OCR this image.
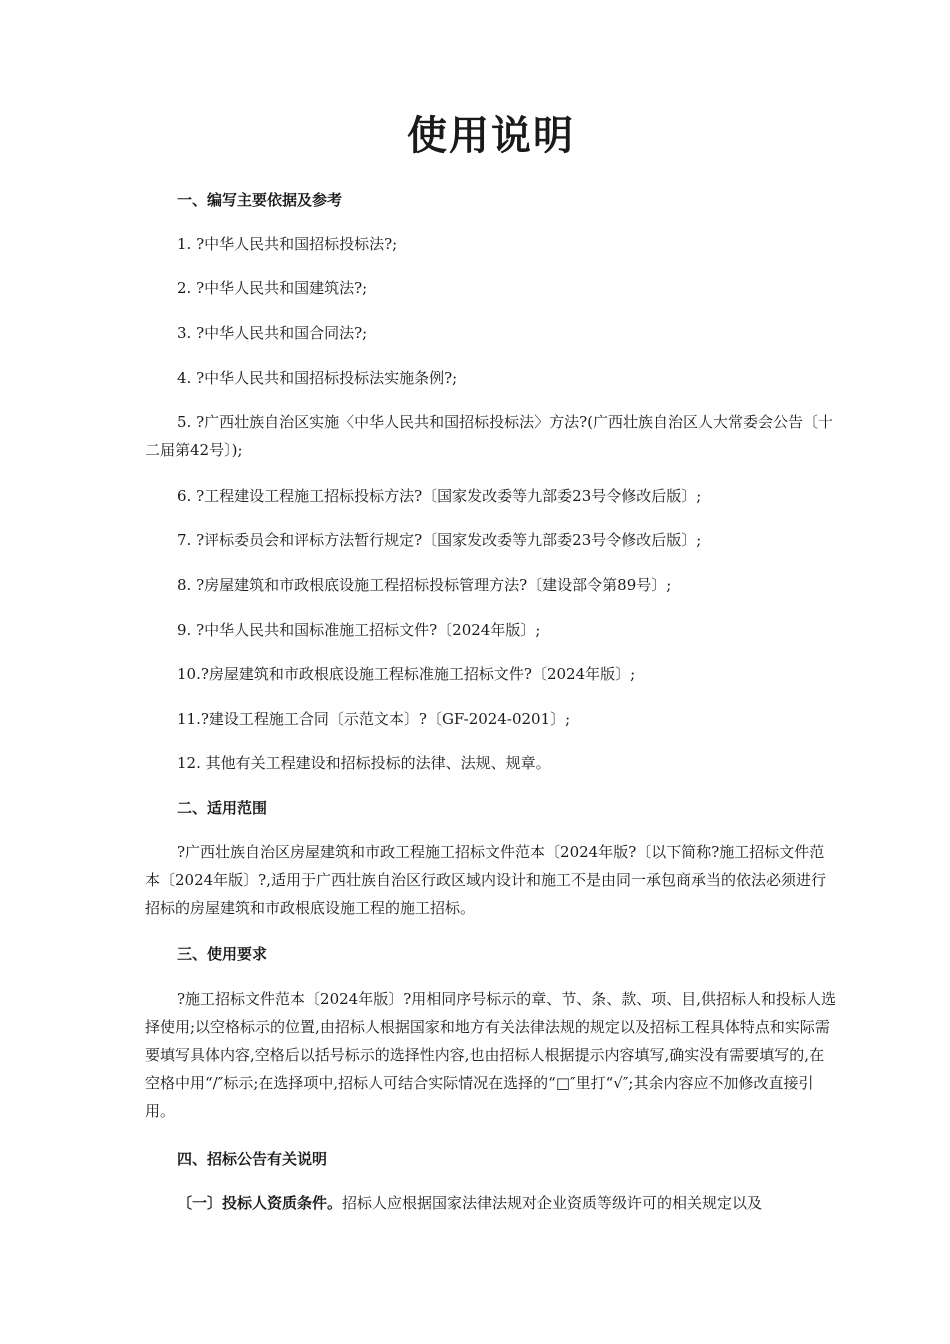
使用说明

一、编写主要依据及参考

1. ?中华人民共和国招标投标法?;

2. ?中华人民共和国建筑法?;

3. ?中华人民共和国合同法?;

4. ?中华人民共和国招标投标法实施条例?;

5. ?广西壮族自治区实施〈中华人民共和国招标投标法〉方法?(广西壮族自治区人大常委会公告〔十二届第42号〕);

6. ?工程建设工程施工招标投标方法?〔国家发改委等九部委23号令修改后版〕;

7. ?评标委员会和评标方法暂行规定?〔国家发改委等九部委23号令修改后版〕;

8. ?房屋建筑和市政根底设施工程招标投标管理方法?〔建设部令第89号〕;

9. ?中华人民共和国标准施工招标文件?〔2024年版〕;

10.?房屋建筑和市政根底设施工程标准施工招标文件?〔2024年版〕;

11.?建设工程施工合同〔示范文本〕?〔GF-2024-0201〕;

12. 其他有关工程建设和招标投标的法律、法规、规章。

二、适用范围

?广西壮族自治区房屋建筑和市政工程施工招标文件范本〔2024年版?〔以下简称?施工招标文件范本〔2024年版〕?,适用于广西壮族自治区行政区域内设计和施工不是由同一承包商承当的依法必须进行招标的房屋建筑和市政根底设施工程的施工招标。

三、使用要求

?施工招标文件范本〔2024年版〕?用相同序号标示的章、节、条、款、项、目,供招标人和投标人选择使用;以空格标示的位置,由招标人根据国家和地方有关法律法规的规定以及招标工程具体特点和实际需要填写具体内容,空格后以括号标示的选择性内容,也由招标人根据提示内容填写,确实没有需要填写的,在空格中用“/″标示;在选择项中,招标人可结合实际情况在选择的“□″里打“√″;其余内容应不加修改直接引用。

四、招标公告有关说明

〔一〕投标人资质条件。招标人应根据国家法律法规对企业资质等级许可的相关规定以及
